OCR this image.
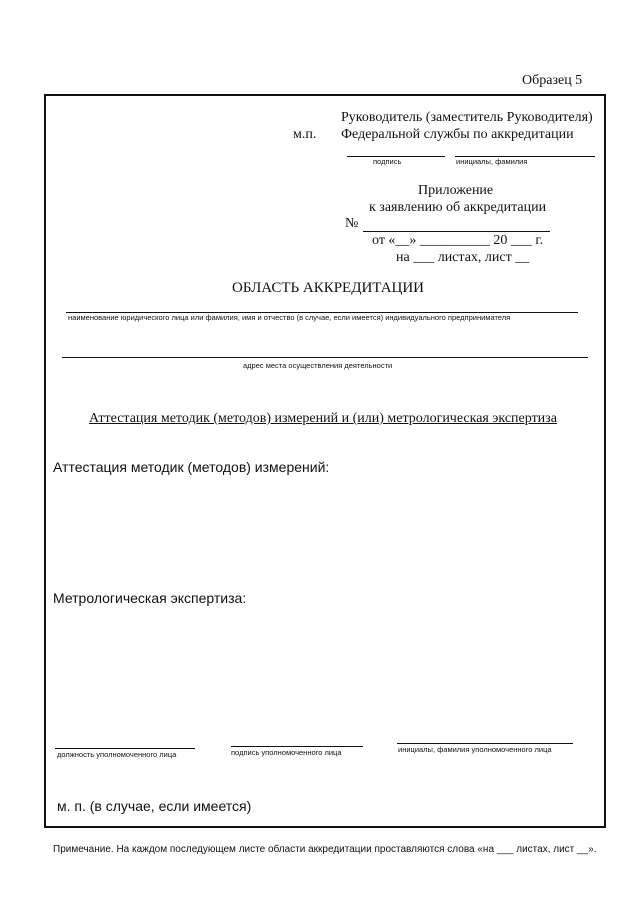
Образец 5
Руководитель (заместитель Руководителя)
м.п. Федеральной службы по аккредитации
подпись	инициалы, фамилия
Приложение
к заявлению об аккредитации
№
от «__» __________ 20 ___ г.
на ___ листах, лист __
ОБЛАСТЬ АККРЕДИТАЦИИ
наименование юридического лица или фамилия, имя и отчество (в случае, если имеется) индивидуального предпринимателя
адрес места осуществления деятельности
Аттестация методик (методов) измерений и (или) метрологическая экспертиза
Аттестация методик (методов) измерений:
Метрологическая экспертиза:
должность уполномоченного лица	подпись уполномоченного лица	инициалы, фамилия уполномоченного лица
м. п. (в случае, если имеется)
Примечание. На каждом последующем листе области аккредитации проставляются слова «на ___ листах, лист __».
